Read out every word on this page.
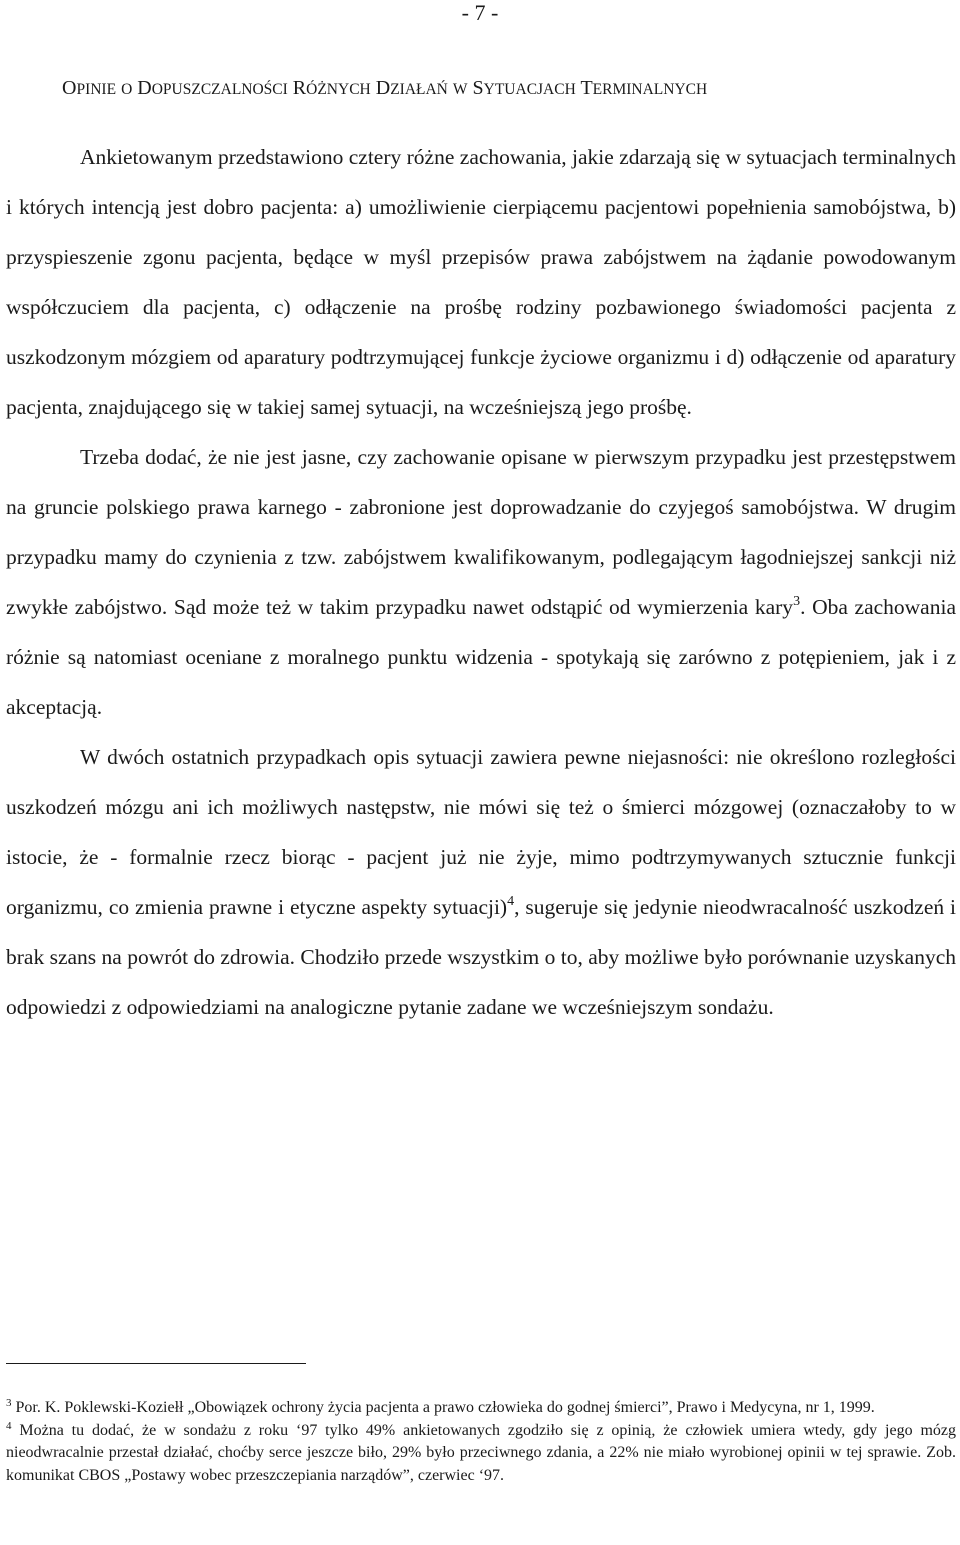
- 7 -
OPINIE O DOPUSZCZALNOŚCI RÓŻNYCH DZIAŁAŃ W SYTUACJACH TERMINALNYCH

Ankietowanym przedstawiono cztery różne zachowania, jakie zdarzają się w sytuacjach terminalnych i których intencją jest dobro pacjenta: a) umożliwienie cierpiącemu pacjentowi popełnienia samobójstwa, b) przyspieszenie zgonu pacjenta, będące w myśl przepisów prawa zabójstwem na żądanie powodowanym współczuciem dla pacjenta, c) odłączenie na prośbę rodziny pozbawionego świadomości pacjenta z uszkodzonym mózgiem od aparatury podtrzymującej funkcje życiowe organizmu i d) odłączenie od aparatury pacjenta, znajdującego się w takiej samej sytuacji, na wcześniejszą jego prośbę.

Trzeba dodać, że nie jest jasne, czy zachowanie opisane w pierwszym przypadku jest przestępstwem na gruncie polskiego prawa karnego - zabronione jest doprowadzanie do czyjegoś samobójstwa. W drugim przypadku mamy do czynienia z tzw. zabójstwem kwalifikowanym, podlegającym łagodniejszej sankcji niż zwykłe zabójstwo. Sąd może też w takim przypadku nawet odstąpić od wymierzenia kary$^3$. Oba zachowania różnie są natomiast oceniane z moralnego punktu widzenia - spotykają się zarówno z potępieniem, jak i z akceptacją.

W dwóch ostatnich przypadkach opis sytuacji zawiera pewne niejasności: nie określono rozległości uszkodzeń mózgu ani ich możliwych następstw, nie mówi się też o śmierci mózgowej (oznaczałoby to w istocie, że - formalnie rzecz biorąc - pacjent już nie żyje, mimo podtrzymywanych sztucznie funkcji organizmu, co zmienia prawne i etyczne aspekty sytuacji)$^4$, sugeruje się jedynie nieodwracalność uszkodzeń i brak szans na powrót do zdrowia. Chodziło przede wszystkim o to, aby możliwe było porównanie uzyskanych odpowiedzi z odpowiedziami na analogiczne pytanie zadane we wcześniejszym sondażu.

$^3$ Por. K. Poklewski-Koziełł „Obowiązek ochrony życia pacjenta a prawo człowieka do godnej śmierci”, Prawo i Medycyna, nr 1, 1999.

$^4$ Można tu dodać, że w sondażu z roku ‘97 tylko 49% ankietowanych zgodziło się z opinią, że człowiek umiera wtedy, gdy jego mózg nieodwracalnie przestał działać, choćby serce jeszcze biło, 29% było przeciwnego zdania, a 22% nie miało wyrobionej opinii w tej sprawie. Zob. komunikat CBOS „Postawy wobec przeszczepiania narządów”, czerwiec ‘97.
